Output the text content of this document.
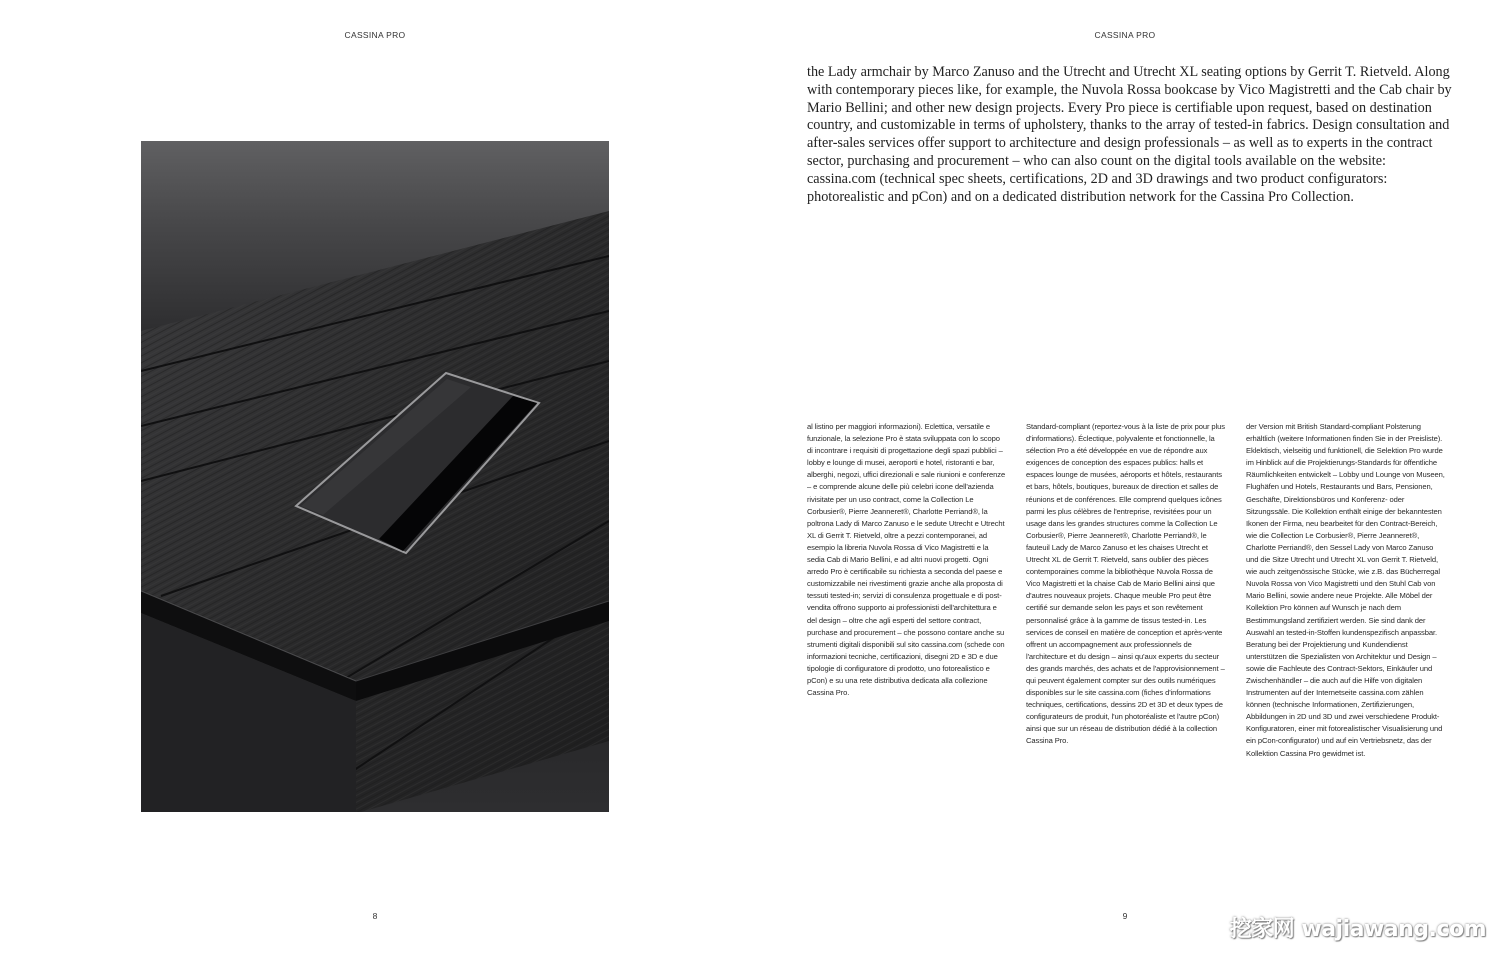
CASSINA PRO
8
CASSINA PRO

the Lady armchair by Marco Zanuso and the Utrecht and Utrecht XL seating options by Gerrit T. Rietveld. Along with contemporary pieces like, for example, the Nuvola Rossa bookcase by Vico Magistretti and the Cab chair by Mario Bellini; and other new design projects. Every Pro piece is certifiable upon request, based on destination country, and customizable in terms of upholstery, thanks to the array of tested-in fabrics. Design consultation and after-sales services offer support to architecture and design professionals – as well as to experts in the contract sector, purchasing and procurement – who can also count on the digital tools available on the website: cassina.com (technical spec sheets, certifications, 2D and 3D drawings and two product configurators: photorealistic and pCon) and on a dedicated distribution network for the Cassina Pro Collection.

al listino per maggiori informazioni). Eclettica, versatile e funzionale, la selezione Pro è stata sviluppata con lo scopo di incontrare i requisiti di progettazione degli spazi pubblici – lobby e lounge di musei, aeroporti e hotel, ristoranti e bar, alberghi, negozi, uffici direzionali e sale riunioni e conferenze – e comprende alcune delle più celebri icone dell'azienda rivisitate per un uso contract, come la Collection Le Corbusier®, Pierre Jeanneret®, Charlotte Perriand®, la poltrona Lady di Marco Zanuso e le sedute Utrecht e Utrecht XL di Gerrit T. Rietveld, oltre a pezzi contemporanei, ad esempio la libreria Nuvola Rossa di Vico Magistretti e la sedia Cab di Mario Bellini, e ad altri nuovi progetti. Ogni arredo Pro è certificabile su richiesta a seconda del paese e customizzabile nei rivestimenti grazie anche alla proposta di tessuti tested-in; servizi di consulenza progettuale e di post-vendita offrono supporto ai professionisti dell'architettura e del design – oltre che agli esperti del settore contract, purchase and procurement – che possono contare anche su strumenti digitali disponibili sul sito cassina.com (schede con informazioni tecniche, certificazioni, disegni 2D e 3D e due tipologie di configuratore di prodotto, uno fotorealistico e pCon) e su una rete distributiva dedicata alla collezione Cassina Pro.

Standard-compliant (reportez-vous à la liste de prix pour plus d'informations). Éclectique, polyvalente et fonctionnelle, la sélection Pro a été développée en vue de répondre aux exigences de conception des espaces publics: halls et espaces lounge de musées, aéroports et hôtels, restaurants et bars, hôtels, boutiques, bureaux de direction et salles de réunions et de conférences. Elle comprend quelques icônes parmi les plus célèbres de l'entreprise, revisitées pour un usage dans les grandes structures comme la Collection Le Corbusier®, Pierre Jeanneret®, Charlotte Perriand®, le fauteuil Lady de Marco Zanuso et les chaises Utrecht et Utrecht XL de Gerrit T. Rietveld, sans oublier des pièces contemporaines comme la bibliothèque Nuvola Rossa de Vico Magistretti et la chaise Cab de Mario Bellini ainsi que d'autres nouveaux projets. Chaque meuble Pro peut être certifié sur demande selon les pays et son revêtement personnalisé grâce à la gamme de tissus tested-in. Les services de conseil en matière de conception et après-vente offrent un accompagnement aux professionnels de l'architecture et du design – ainsi qu'aux experts du secteur des grands marchés, des achats et de l'approvisionnement – qui peuvent également compter sur des outils numériques disponibles sur le site cassina.com (fiches d'informations techniques, certifications, dessins 2D et 3D et deux types de configurateurs de produit, l'un photoréaliste et l'autre pCon) ainsi que sur un réseau de distribution dédié à la collection Cassina Pro.

der Version mit British Standard-compliant Polsterung erhältlich (weitere Informationen finden Sie in der Preisliste). Eklektisch, vielseitig und funktionell, die Selektion Pro wurde im Hinblick auf die Projektierungs-Standards für öffentliche Räumlichkeiten entwickelt – Lobby und Lounge von Museen, Flughäfen und Hotels, Restaurants und Bars, Pensionen, Geschäfte, Direktionsbüros und Konferenz- oder Sitzungssäle. Die Kollektion enthält einige der bekanntesten Ikonen der Firma, neu bearbeitet für den Contract-Bereich, wie die Collection Le Corbusier®, Pierre Jeanneret®, Charlotte Perriand®, den Sessel Lady von Marco Zanuso und die Sitze Utrecht und Utrecht XL von Gerrit T. Rietveld, wie auch zeitgenössische Stücke, wie z.B. das Bücherregal Nuvola Rossa von Vico Magistretti und den Stuhl Cab von Mario Bellini, sowie andere neue Projekte. Alle Möbel der Kollektion Pro können auf Wunsch je nach dem Bestimmungsland zertifiziert werden. Sie sind dank der Auswahl an tested-in-Stoffen kundenspezifisch anpassbar. Beratung bei der Projektierung und Kundendienst unterstützen die Spezialisten von Architektur und Design – sowie die Fachleute des Contract-Sektors, Einkäufer und Zwischenhändler – die auch auf die Hilfe von digitalen Instrumenten auf der Internetseite cassina.com zählen können (technische Informationen, Zertifizierungen, Abbildungen in 2D und 3D und zwei verschiedene Produkt-Konfiguratoren, einer mit fotorealistischer Visualisierung und ein pCon-configurator) und auf ein Vertriebsnetz, das der Kollektion Cassina Pro gewidmet ist.

9
挖家网 wajiawang.com
